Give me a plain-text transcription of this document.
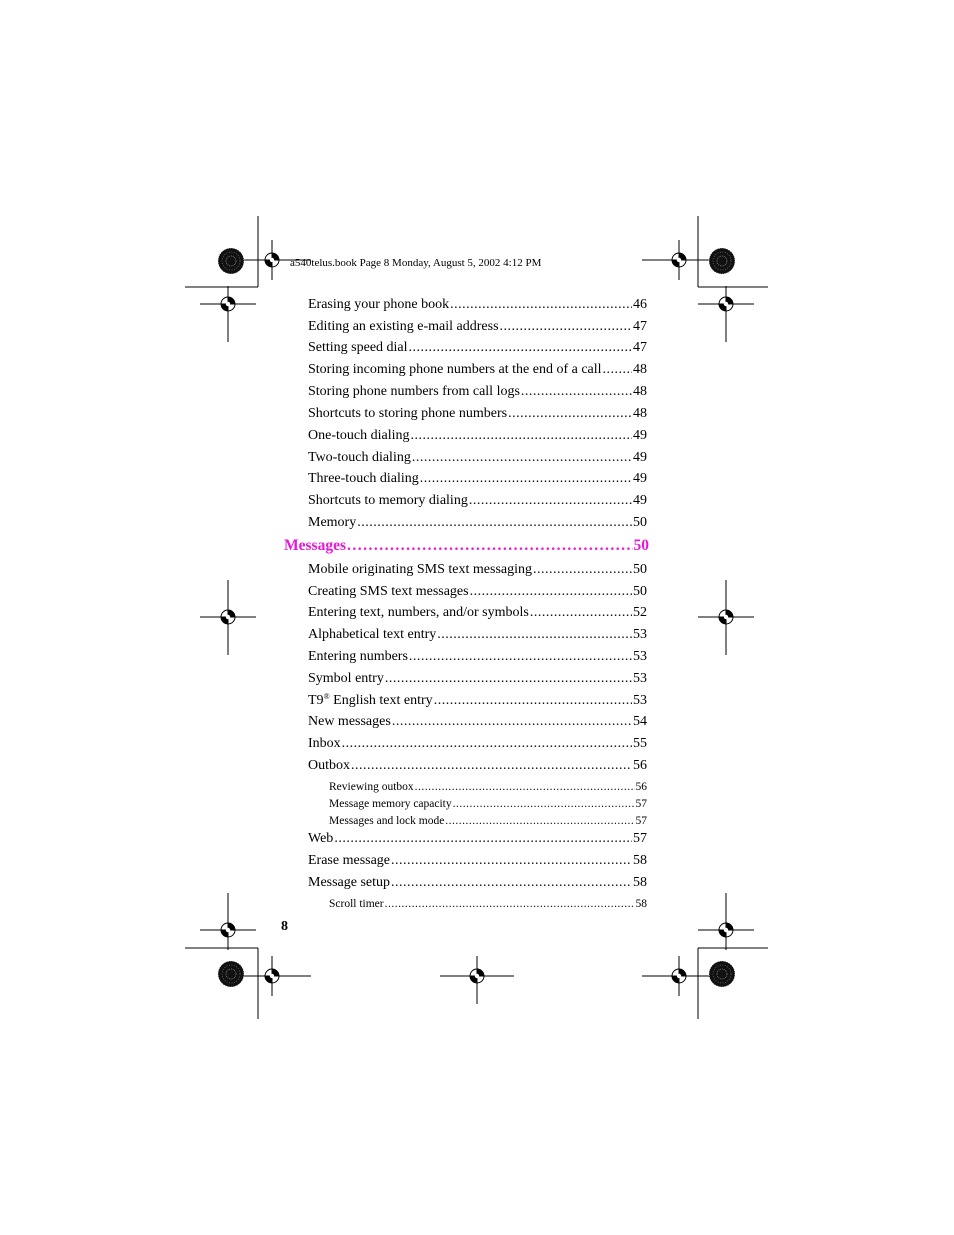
a540telus.book Page 8 Monday, August 5, 2002 4:12 PM
Erasing your phone book .....	46
Editing an existing e-mail address .....	47
Setting speed dial .....	47
Storing incoming phone numbers at the end of a call ..... 48
Storing phone numbers from call logs .....	48
Shortcuts to storing phone numbers .....	48
One-touch dialing .....	49
Two-touch dialing .....	49
Three-touch dialing .....	49
Shortcuts to memory dialing .....	49
Memory .....	50
Messages .....	50
Mobile originating SMS text messaging .....	50
Creating SMS text messages .....	50
Entering text, numbers, and/or symbols .....	52
Alphabetical text entry .....	53
Entering numbers .....	53
Symbol entry .....	53
T9® English text entry .....	53
New messages .....	54
Inbox .....	55
Outbox .....	56
Reviewing outbox .....	56
Message memory capacity .....	57
Messages and lock mode .....	57
Web .....	57
Erase message .....	58
Message setup .....	58
Scroll timer .....	58
8
